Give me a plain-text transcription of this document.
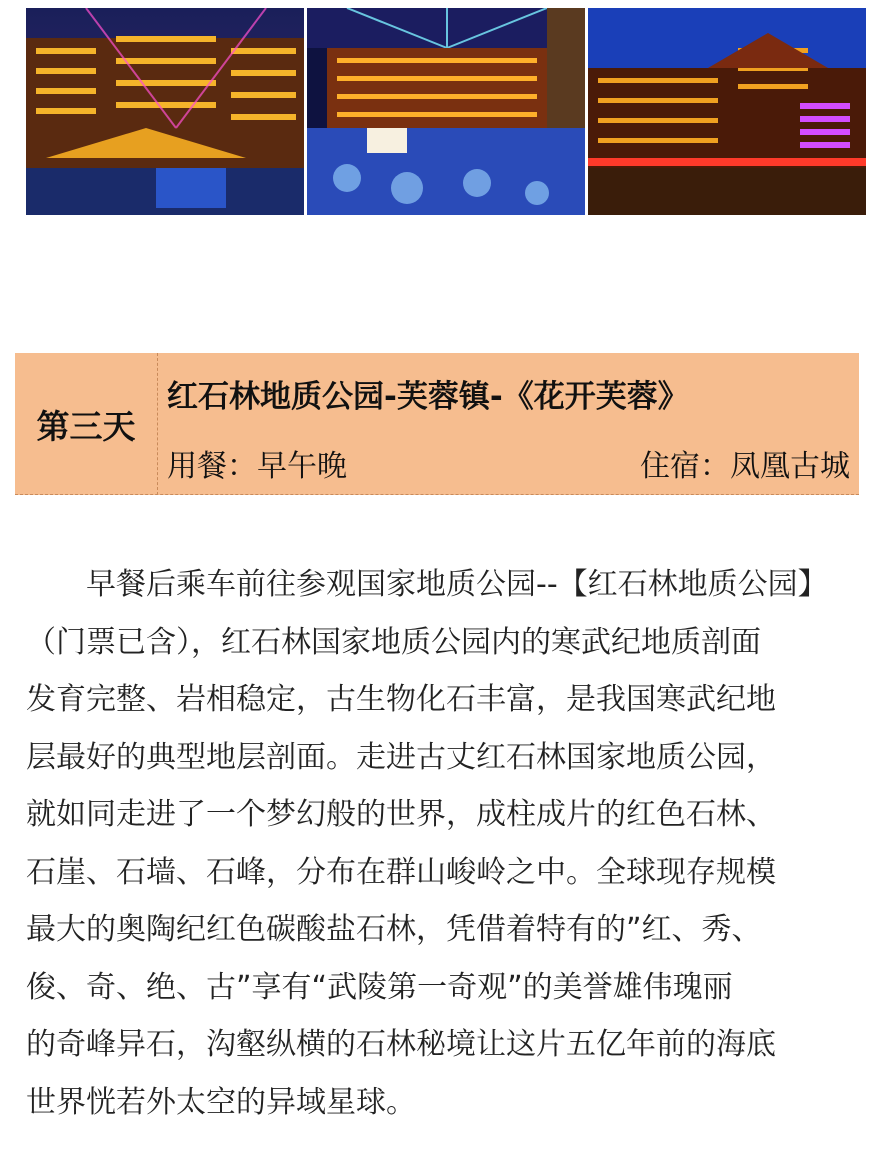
第三天
红石林地质公园-芙蓉镇-《花开芙蓉》
用餐：早午晚	住宿：凤凰古城
　　早餐后乘车前往参观国家地质公园--【红石林地质公园】
（门票已含），红石林国家地质公园内的寒武纪地质剖面
发育完整、岩相稳定，古生物化石丰富，是我国寒武纪地
层最好的典型地层剖面。走进古丈红石林国家地质公园，
就如同走进了一个梦幻般的世界，成柱成片的红色石林、
石崖、石墙、石峰，分布在群山峻岭之中。全球现存规模
最大的奥陶纪红色碳酸盐石林，凭借着特有的”红、秀、
俊、奇、绝、古”享有“武陵第一奇观”的美誉雄伟瑰丽
的奇峰异石，沟壑纵横的石林秘境让这片五亿年前的海底
世界恍若外太空的异域星球。
